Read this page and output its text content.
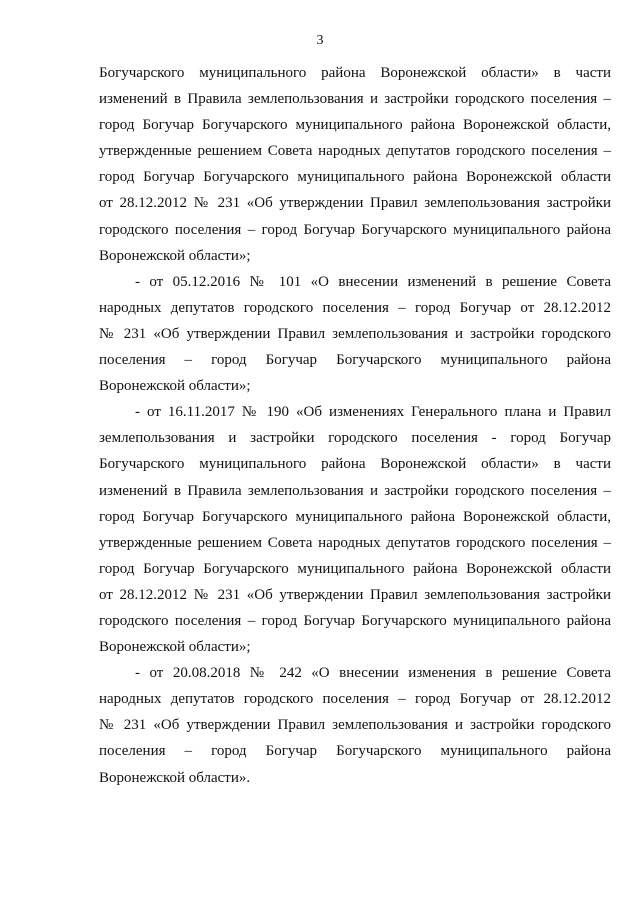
3
Богучарского муниципального района Воронежской области» в части
изменений в Правила землепользования и застройки городского поселения –
город Богучар Богучарского муниципального района Воронежской области,
утвержденные решением Совета народных депутатов городского поселения –
город Богучар Богучарского муниципального района Воронежской области
от 28.12.2012 № 231 «Об утверждении Правил землепользования застройки
городского поселения – город Богучар Богучарского муниципального района
Воронежской области»;
- от 05.12.2016 № 101 «О внесении изменений в решение Совета
народных депутатов городского поселения – город Богучар от 28.12.2012
№ 231 «Об утверждении Правил землепользования и застройки городского
поселения – город Богучар Богучарского муниципального района
Воронежской области»;
- от 16.11.2017 № 190 «Об изменениях Генерального плана и Правил
землепользования и застройки городского поселения - город Богучар
Богучарского муниципального района Воронежской области» в части
изменений в Правила землепользования и застройки городского поселения –
город Богучар Богучарского муниципального района Воронежской области,
утвержденные решением Совета народных депутатов городского поселения –
город Богучар Богучарского муниципального района Воронежской области
от 28.12.2012 № 231 «Об утверждении Правил землепользования застройки
городского поселения – город Богучар Богучарского муниципального района
Воронежской области»;
- от 20.08.2018 № 242 «О внесении изменения в решение Совета
народных депутатов городского поселения – город Богучар от 28.12.2012
№ 231 «Об утверждении Правил землепользования и застройки городского
поселения – город Богучар Богучарского муниципального района
Воронежской области».
